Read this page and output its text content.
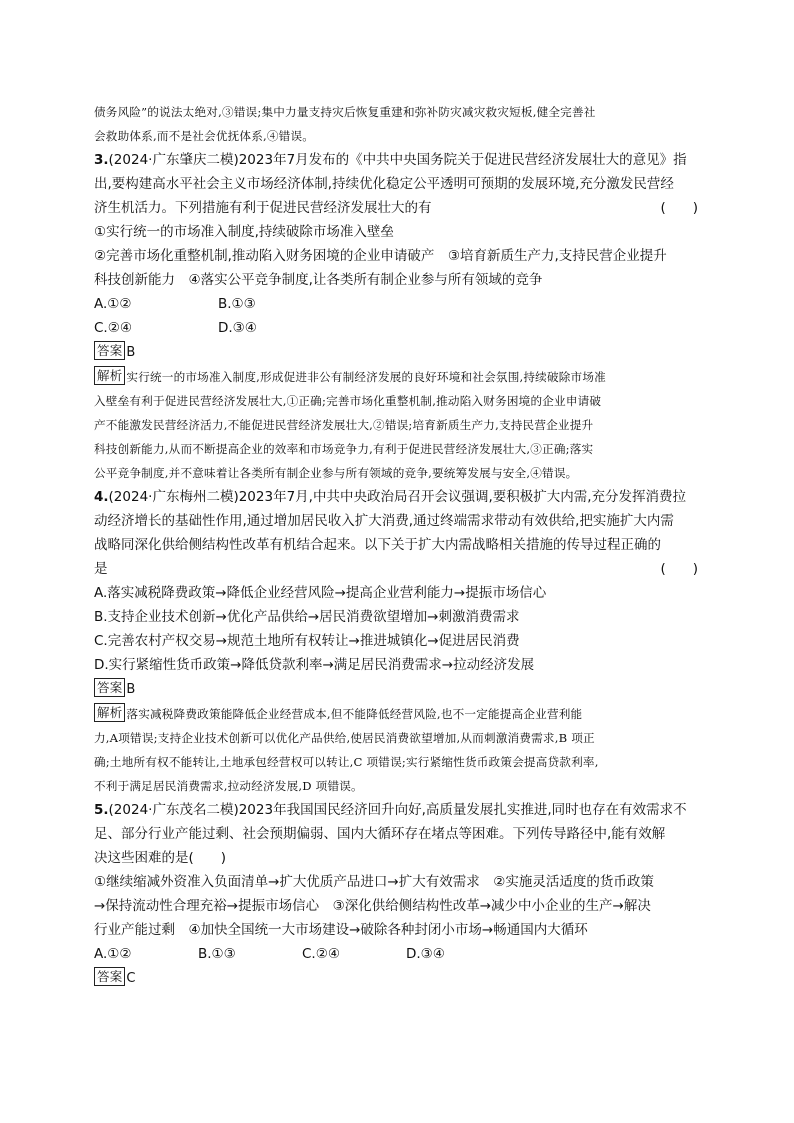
债务风险”的说法太绝对,③错误;集中力量支持灾后恢复重建和弥补防灾减灾救灾短板,健全完善社
会救助体系,而不是社会优抚体系,④错误。
3.(2024·广东肇庆二模)2023年7月发布的《中共中央国务院关于促进民营经济发展壮大的意见》指
出,要构建高水平社会主义市场经济体制,持续优化稳定公平透明可预期的发展环境,充分激发民营经
济生机活力。下列措施有利于促进民营经济发展壮大的有	(　　)
①实行统一的市场准入制度,持续破除市场准入壁垒
②完善市场化重整机制,推动陷入财务困境的企业申请破产　③培育新质生产力,支持民营企业提升
科技创新能力　④落实公平竞争制度,让各类所有制企业参与所有领域的竞争
A.①②	B.①③
C.②④	D.③④
答案 B
解析 实行统一的市场准入制度,形成促进非公有制经济发展的良好环境和社会氛围,持续破除市场准
入壁垒有利于促进民营经济发展壮大,①正确;完善市场化重整机制,推动陷入财务困境的企业申请破
产不能激发民营经济活力,不能促进民营经济发展壮大,②错误;培育新质生产力,支持民营企业提升
科技创新能力,从而不断提高企业的效率和市场竞争力,有利于促进民营经济发展壮大,③正确;落实
公平竞争制度,并不意味着让各类所有制企业参与所有领域的竞争,要统筹发展与安全,④错误。
4.(2024·广东梅州二模)2023年7月,中共中央政治局召开会议强调,要积极扩大内需,充分发挥消费拉
动经济增长的基础性作用,通过增加居民收入扩大消费,通过终端需求带动有效供给,把实施扩大内需
战略同深化供给侧结构性改革有机结合起来。以下关于扩大内需战略相关措施的传导过程正确的
是	(　　)
A.落实减税降费政策→降低企业经营风险→提高企业营利能力→提振市场信心
B.支持企业技术创新→优化产品供给→居民消费欲望增加→刺激消费需求
C.完善农村产权交易→规范土地所有权转让→推进城镇化→促进居民消费
D.实行紧缩性货币政策→降低贷款利率→满足居民消费需求→拉动经济发展
答案 B
解析 落实减税降费政策能降低企业经营成本,但不能降低经营风险,也不一定能提高企业营利能
力,A项错误;支持企业技术创新可以优化产品供给,使居民消费欲望增加,从而刺激消费需求,B 项正
确;土地所有权不能转让,土地承包经营权可以转让,C 项错误;实行紧缩性货币政策会提高贷款利率,
不利于满足居民消费需求,拉动经济发展,D 项错误。
5.(2024·广东茂名二模)2023年我国国民经济回升向好,高质量发展扎实推进,同时也存在有效需求不
足、部分行业产能过剩、社会预期偏弱、国内大循环存在堵点等困难。下列传导路径中,能有效解
决这些困难的是(　　)
①继续缩减外资准入负面清单→扩大优质产品进口→扩大有效需求　②实施灵活适度的货币政策
→保持流动性合理充裕→提振市场信心　③深化供给侧结构性改革→减少中小企业的生产→解决
行业产能过剩　④加快全国统一大市场建设→破除各种封闭小市场→畅通国内大循环
A.①②	B.①③	C.②④	D.③④
答案 C
